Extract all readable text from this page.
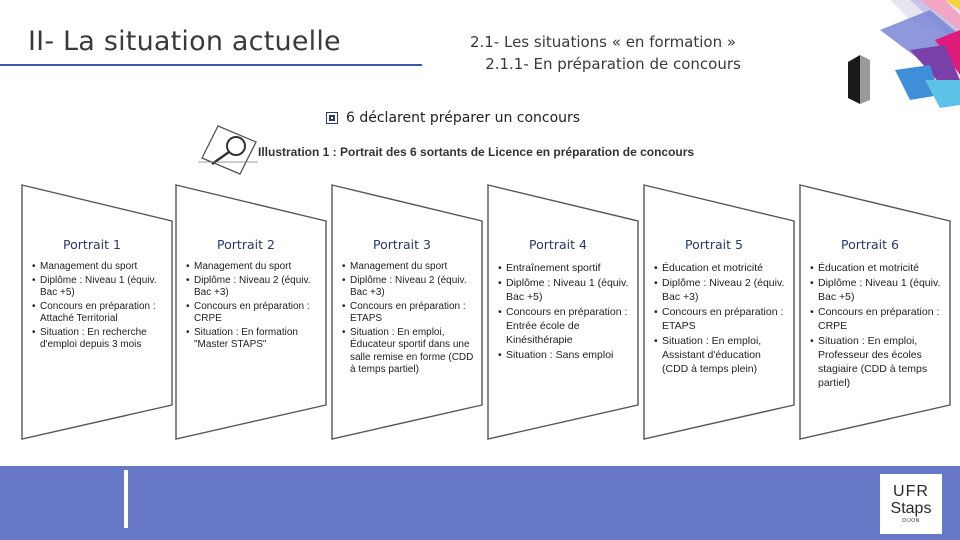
II- La situation actuelle	2.1- Les situations « en formation »
2.1.1- En préparation de concours
6 déclarent préparer un concours
Illustration 1 : Portrait des 6 sortants de Licence en préparation de concours
Portrait 1
• Management du sport
• Diplôme : Niveau 1 (équiv. Bac +5)
• Concours en préparation : Attaché Territorial
• Situation : En recherche d'emploi depuis 3 mois
Portrait 2
• Management du sport
• Diplôme : Niveau 2 (équiv. Bac +3)
• Concours en préparation : CRPE
• Situation : En formation "Master STAPS"
Portrait 3
• Management du sport
• Diplôme : Niveau 2 (équiv. Bac +3)
• Concours en préparation : ETAPS
• Situation : En emploi, Éducateur sportif dans une salle remise en forme (CDD à temps partiel)
Portrait 4
• Entraînement sportif
• Diplôme : Niveau 1 (équiv. Bac +5)
• Concours en préparation : Entrée école de Kinésithérapie
• Situation : Sans emploi
Portrait 5
• Éducation et motricité
• Diplôme : Niveau 2 (équiv. Bac +3)
• Concours en préparation : ETAPS
• Situation : En emploi, Assistant d'éducation (CDD à temps plein)
Portrait 6
• Éducation et motricité
• Diplôme : Niveau 1 (équiv. Bac +5)
• Concours en préparation : CRPE
• Situation : En emploi, Professeur des écoles stagiaire (CDD à temps partiel)
UFR
Staps
DIJON
